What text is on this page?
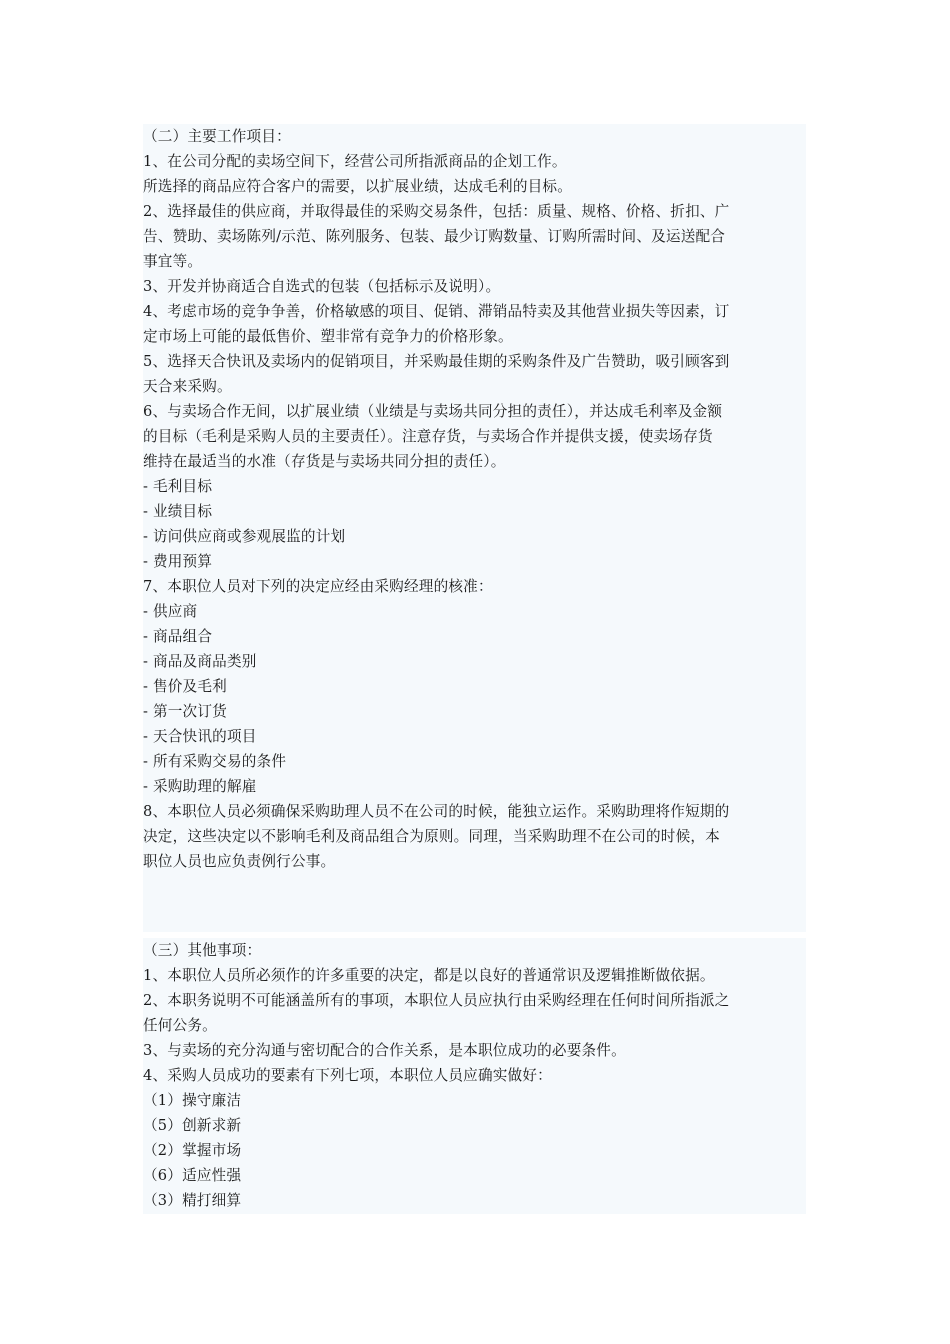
（二）主要工作项目：
1、在公司分配的卖场空间下，经营公司所指派商品的企划工作。
所选择的商品应符合客户的需要，以扩展业绩，达成毛利的目标。
2、选择最佳的供应商，并取得最佳的采购交易条件，包括：质量、规格、价格、折扣、广
告、赞助、卖场陈列/示范、陈列服务、包装、最少订购数量、订购所需时间、及运送配合
事宜等。
3、开发并协商适合自选式的包装（包括标示及说明）。
4、考虑市场的竞争争善，价格敏感的项目、促销、滞销品特卖及其他营业损失等因素，订
定市场上可能的最低售价、塑非常有竞争力的价格形象。
5、选择天合快讯及卖场内的促销项目，并采购最佳期的采购条件及广告赞助，吸引顾客到
天合来采购。
6、与卖场合作无间，以扩展业绩（业绩是与卖场共同分担的责任），并达成毛利率及金额
的目标（毛利是采购人员的主要责任）。注意存货，与卖场合作并提供支援，使卖场存货
维持在最适当的水准（存货是与卖场共同分担的责任）。
- 毛利目标
- 业绩目标
- 访问供应商或参观展监的计划
- 费用预算
7、本职位人员对下列的决定应经由采购经理的核准：
- 供应商
- 商品组合
- 商品及商品类别
- 售价及毛利
- 第一次订货
- 天合快讯的项目
- 所有采购交易的条件
- 采购助理的解雇
8、本职位人员必须确保采购助理人员不在公司的时候，能独立运作。采购助理将作短期的
决定，这些决定以不影响毛利及商品组合为原则。同理，当采购助理不在公司的时候，本
职位人员也应负责例行公事。
（三）其他事项：
1、本职位人员所必须作的许多重要的决定，都是以良好的普通常识及逻辑推断做依据。
2、本职务说明不可能涵盖所有的事项，本职位人员应执行由采购经理在任何时间所指派之
任何公务。
3、与卖场的充分沟通与密切配合的合作关系，是本职位成功的必要条件。
4、采购人员成功的要素有下列七项，本职位人员应确实做好：
（1）操守廉洁
（5）创新求新
（2）掌握市场
（6）适应性强
（3）精打细算
